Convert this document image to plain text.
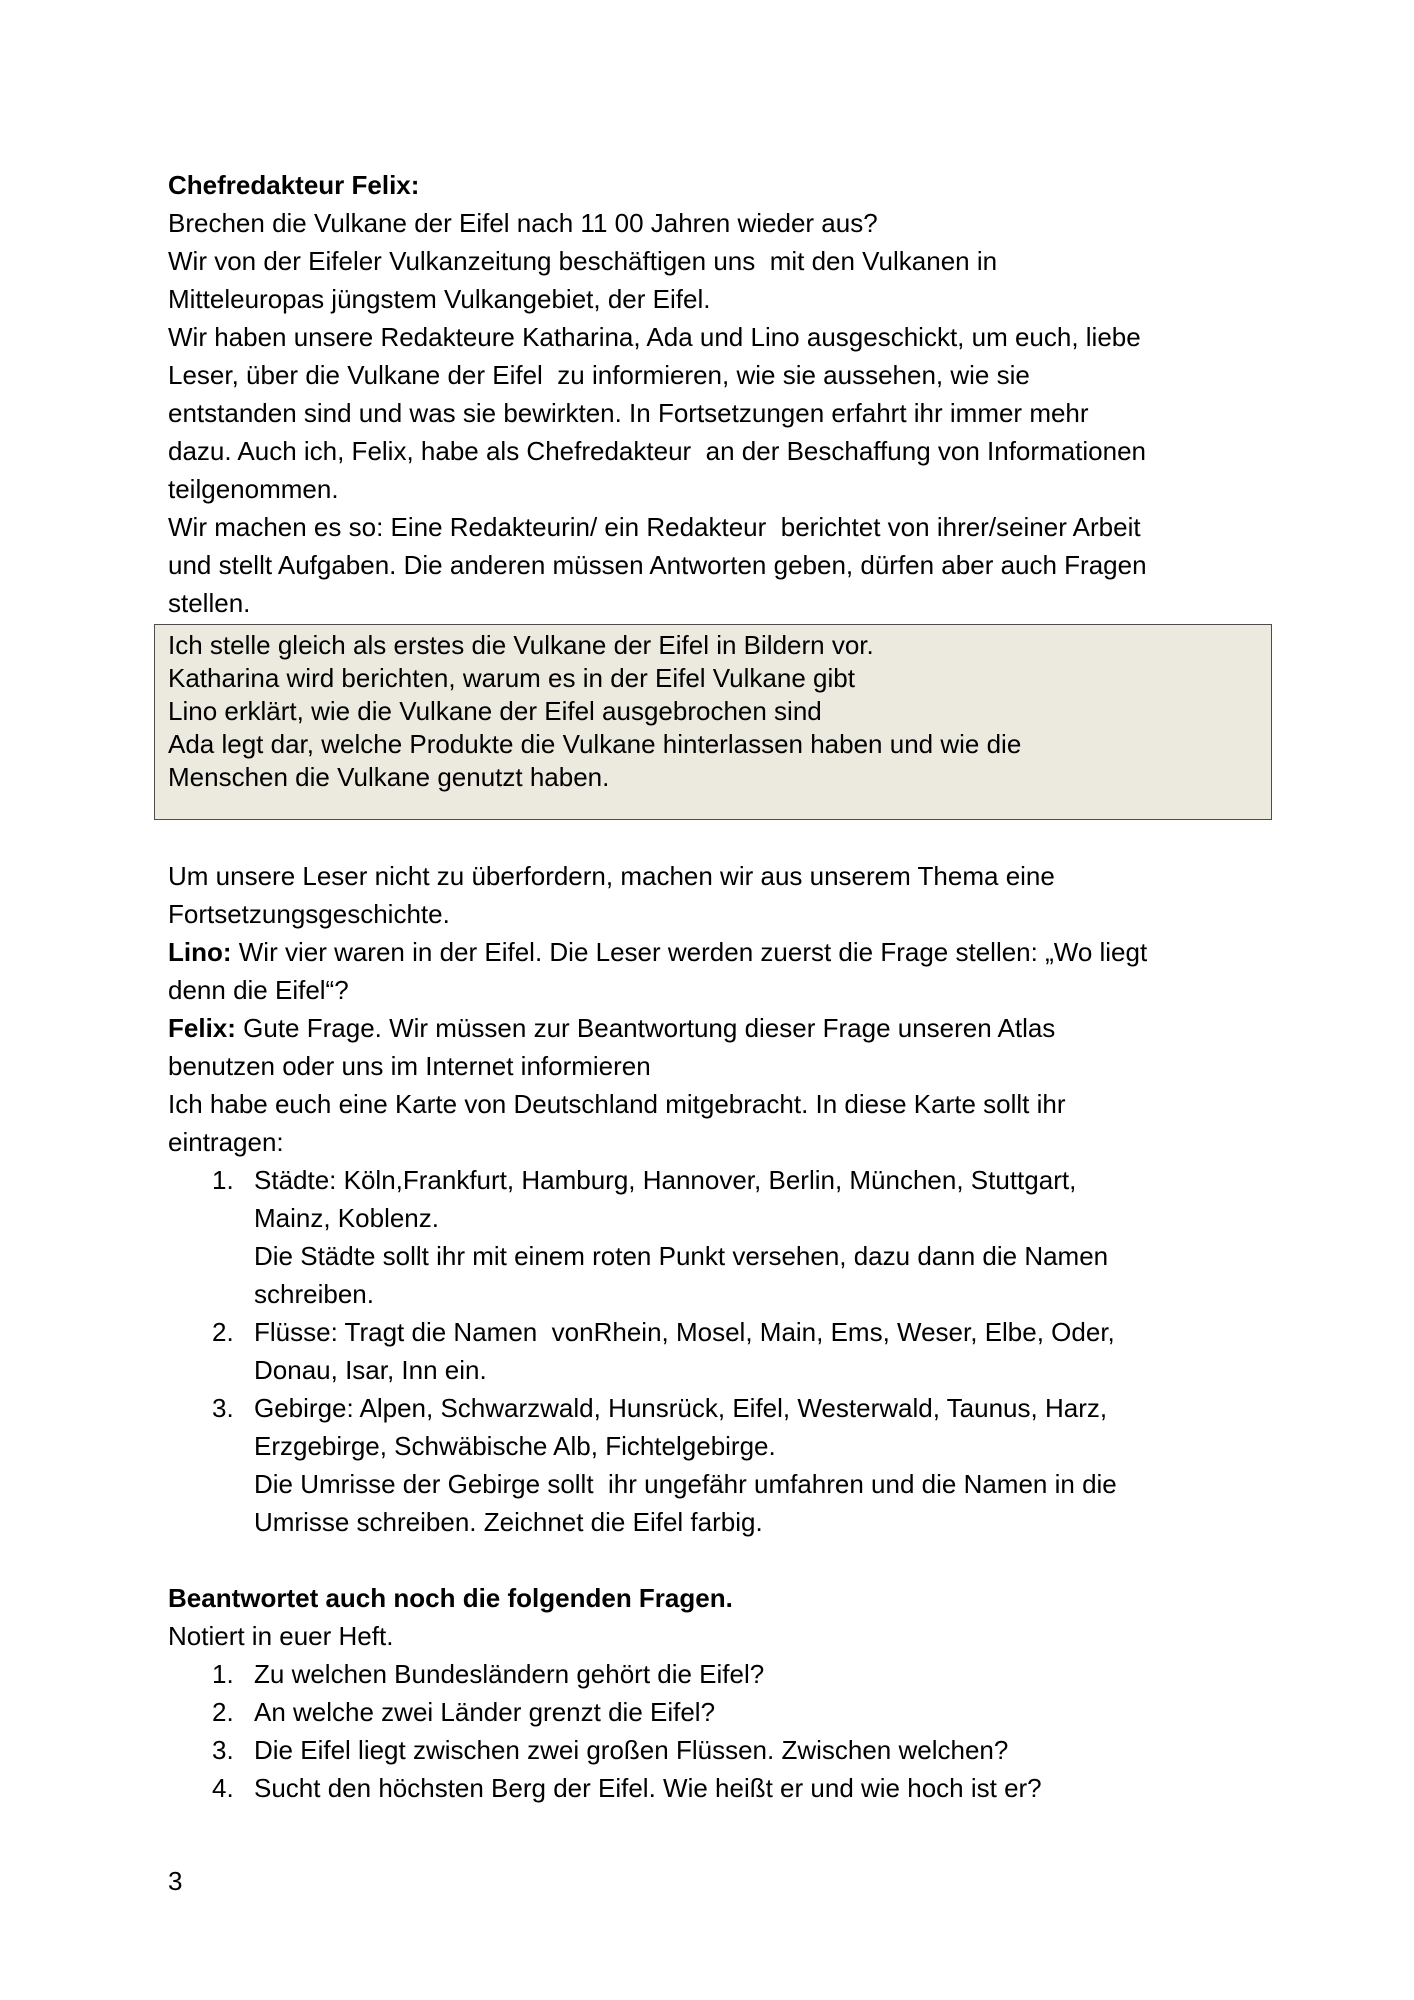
Chefredakteur Felix:

Brechen die Vulkane der Eifel nach 11 00 Jahren wieder aus?

Wir von der Eifeler Vulkanzeitung beschäftigen uns  mit den Vulkanen in

Mitteleuropas jüngstem Vulkangebiet, der Eifel.

Wir haben unsere Redakteure Katharina, Ada und Lino ausgeschickt, um euch, liebe

Leser, über die Vulkane der Eifel  zu informieren, wie sie aussehen, wie sie

entstanden sind und was sie bewirkten. In Fortsetzungen erfahrt ihr immer mehr

dazu. Auch ich, Felix, habe als Chefredakteur  an der Beschaffung von Informationen

teilgenommen.

Wir machen es so: Eine Redakteurin/ ein Redakteur  berichtet von ihrer/seiner Arbeit

und stellt Aufgaben. Die anderen müssen Antworten geben, dürfen aber auch Fragen

stellen.

Ich stelle gleich als erstes die Vulkane der Eifel in Bildern vor.

Katharina wird berichten, warum es in der Eifel Vulkane gibt

Lino erklärt, wie die Vulkane der Eifel ausgebrochen sind

Ada legt dar, welche Produkte die Vulkane hinterlassen haben und wie die

Menschen die Vulkane genutzt haben.

Um unsere Leser nicht zu überfordern, machen wir aus unserem Thema eine

Fortsetzungsgeschichte.

Lino: Wir vier waren in der Eifel. Die Leser werden zuerst die Frage stellen: „Wo liegt

denn die Eifel“?

Felix: Gute Frage. Wir müssen zur Beantwortung dieser Frage unseren Atlas

benutzen oder uns im Internet informieren

Ich habe euch eine Karte von Deutschland mitgebracht. In diese Karte sollt ihr

eintragen:

1. Städte: Köln,Frankfurt, Hamburg, Hannover, Berlin, München, Stuttgart,

Mainz, Koblenz.

Die Städte sollt ihr mit einem roten Punkt versehen, dazu dann die Namen

schreiben.

2. Flüsse: Tragt die Namen  vonRhein, Mosel, Main, Ems, Weser, Elbe, Oder,

Donau, Isar, Inn ein.

3. Gebirge: Alpen, Schwarzwald, Hunsrück, Eifel, Westerwald, Taunus, Harz,

Erzgebirge, Schwäbische Alb, Fichtelgebirge.

Die Umrisse der Gebirge sollt  ihr ungefähr umfahren und die Namen in die

Umrisse schreiben. Zeichnet die Eifel farbig.

Beantwortet auch noch die folgenden Fragen.

Notiert in euer Heft.

1. Zu welchen Bundesländern gehört die Eifel?

2. An welche zwei Länder grenzt die Eifel?

3. Die Eifel liegt zwischen zwei großen Flüssen. Zwischen welchen?

4. Sucht den höchsten Berg der Eifel. Wie heißt er und wie hoch ist er?

3
